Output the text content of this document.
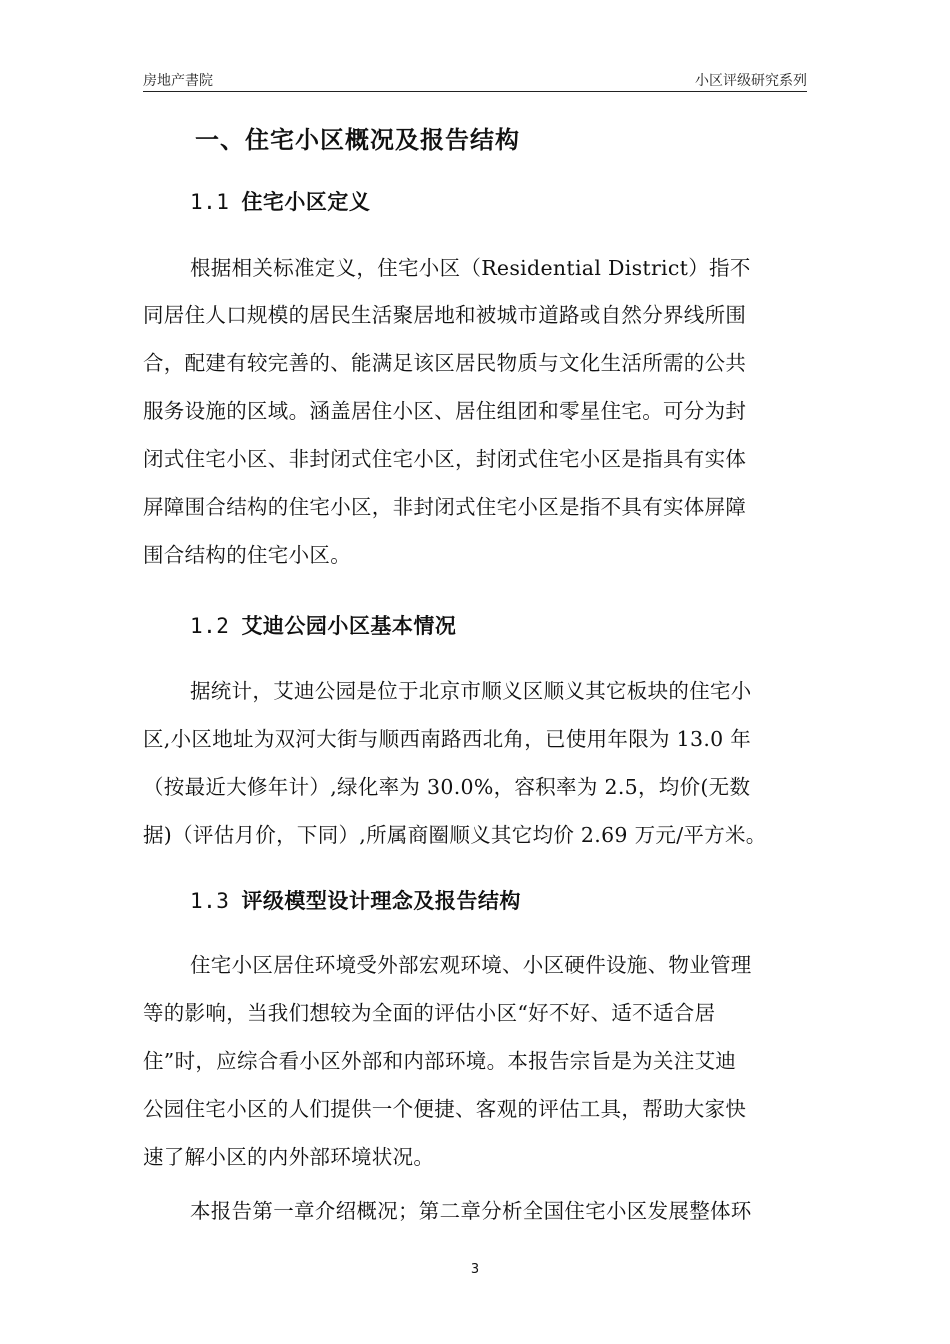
房地产書院	小区评级研究系列
一、住宅小区概况及报告结构
1.1 住宅小区定义
根据相关标准定义，住宅小区（Residential District）指不
同居住人口规模的居民生活聚居地和被城市道路或自然分界线所围
合，配建有较完善的、能满足该区居民物质与文化生活所需的公共
服务设施的区域。涵盖居住小区、居住组团和零星住宅。可分为封
闭式住宅小区、非封闭式住宅小区，封闭式住宅小区是指具有实体
屏障围合结构的住宅小区，非封闭式住宅小区是指不具有实体屏障
围合结构的住宅小区。
1.2 艾迪公园小区基本情况
据统计，艾迪公园是位于北京市顺义区顺义其它板块的住宅小
区,小区地址为双河大街与顺西南路西北角，已使用年限为 13.0 年
（按最近大修年计）,绿化率为 30.0%，容积率为 2.5，均价(无数
据)（评估月价，下同）,所属商圈顺义其它均价 2.69 万元/平方米。
1.3 评级模型设计理念及报告结构
住宅小区居住环境受外部宏观环境、小区硬件设施、物业管理
等的影响，当我们想较为全面的评估小区“好不好、适不适合居
住”时，应综合看小区外部和内部环境。本报告宗旨是为关注艾迪
公园住宅小区的人们提供一个便捷、客观的评估工具，帮助大家快
速了解小区的内外部环境状况。
本报告第一章介绍概况；第二章分析全国住宅小区发展整体环
3
